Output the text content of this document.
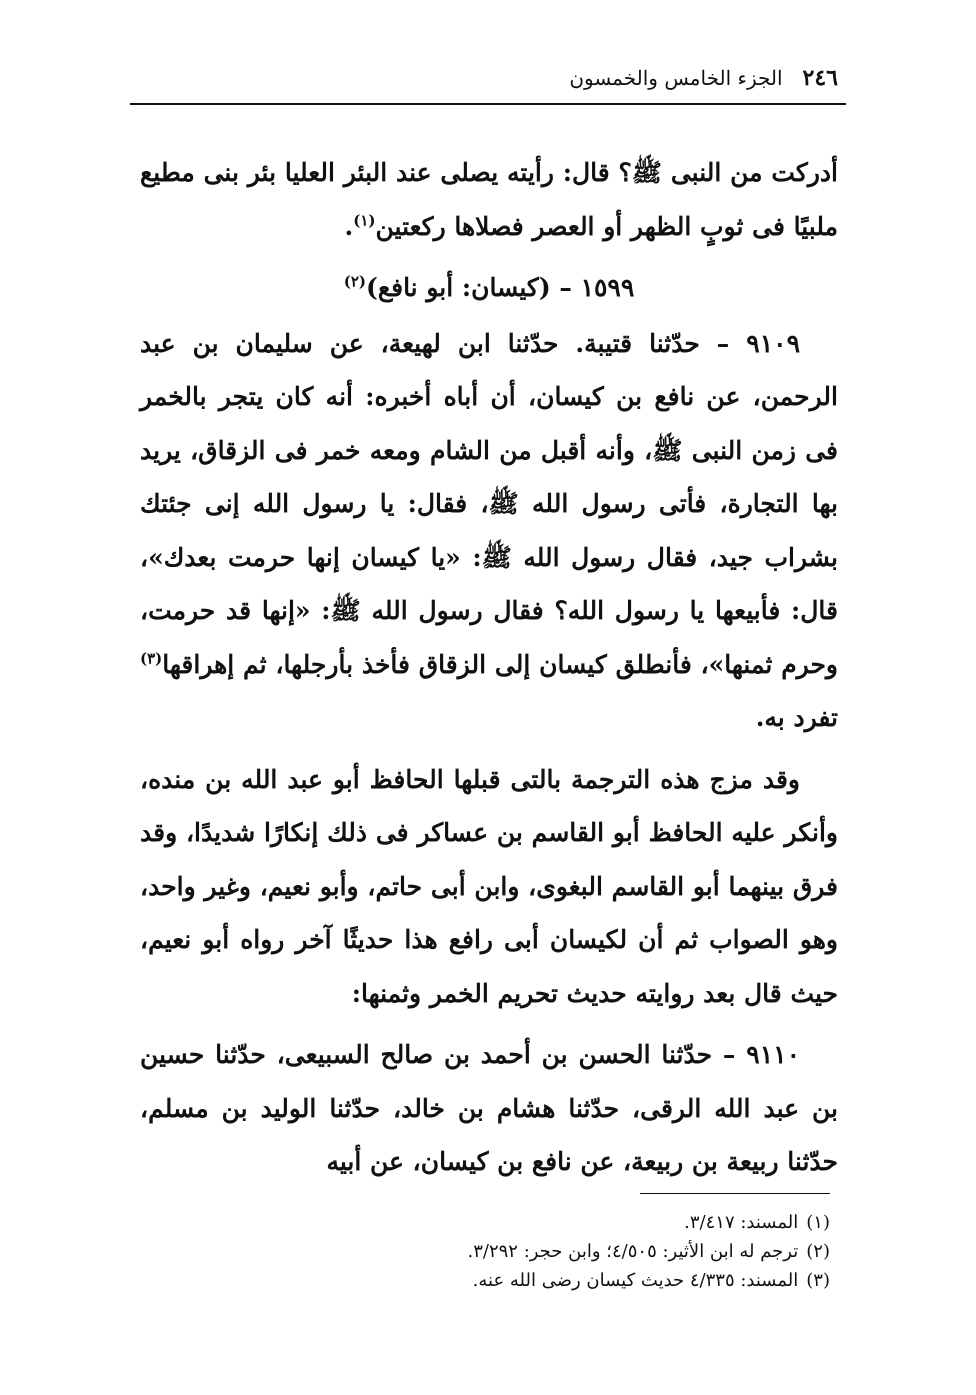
٢٤٦
الجزء الخامس والخمسون

أدركت من النبى ﷺ؟ قال: رأيته يصلى عند البئر العليا بئر بنى مطيع ملبيًا فى ثوبٍ الظهر أو العصر فصلاها ركعتين$^{(١)}$.

١٥٩٩ – (كيسان: أبو نافع)$^{(٢)}$

٩١٠٩ – حدّثنا قتيبة. حدّثنا ابن لهيعة، عن سليمان بن عبد الرحمن، عن نافع بن كيسان، أن أباه أخبره: أنه كان يتجر بالخمر فى زمن النبى ﷺ، وأنه أقبل من الشام ومعه خمر فى الزقاق، يريد بها التجارة، فأتى رسول الله ﷺ، فقال: يا رسول الله إنى جئتك بشراب جيد، فقال رسول الله ﷺ: «يا كيسان إنها حرمت بعدك»، قال: فأبيعها يا رسول الله؟ فقال رسول الله ﷺ: «إنها قد حرمت، وحرم ثمنها»، فأنطلق كيسان إلى الزقاق فأخذ بأرجلها، ثم إهراقها$^{(٣)}$ تفرد به.

وقد مزج هذه الترجمة بالتى قبلها الحافظ أبو عبد الله بن منده، وأنكر عليه الحافظ أبو القاسم بن عساكر فى ذلك إنكارًا شديدًا، وقد فرق بينهما أبو القاسم البغوى، وابن أبى حاتم، وأبو نعيم، وغير واحد، وهو الصواب ثم أن لكيسان أبى رافع هذا حديثًا آخر رواه أبو نعيم، حيث قال بعد روايته حديث تحريم الخمر وثمنها:

٩١١٠ – حدّثنا الحسن بن أحمد بن صالح السبيعى، حدّثنا حسين بن عبد الله الرقى، حدّثنا هشام بن خالد، حدّثنا الوليد بن مسلم، حدّثنا ربيعة بن ربيعة، عن نافع بن كيسان، عن أبيه

(١)المسند: ٣/٤١٧.

(٢)ترجم له ابن الأثير: ٤/٥٠٥؛ وابن حجر: ٣/٢٩٢.

(٣)المسند: ٤/٣٣٥ حديث كيسان رضى الله عنه.
